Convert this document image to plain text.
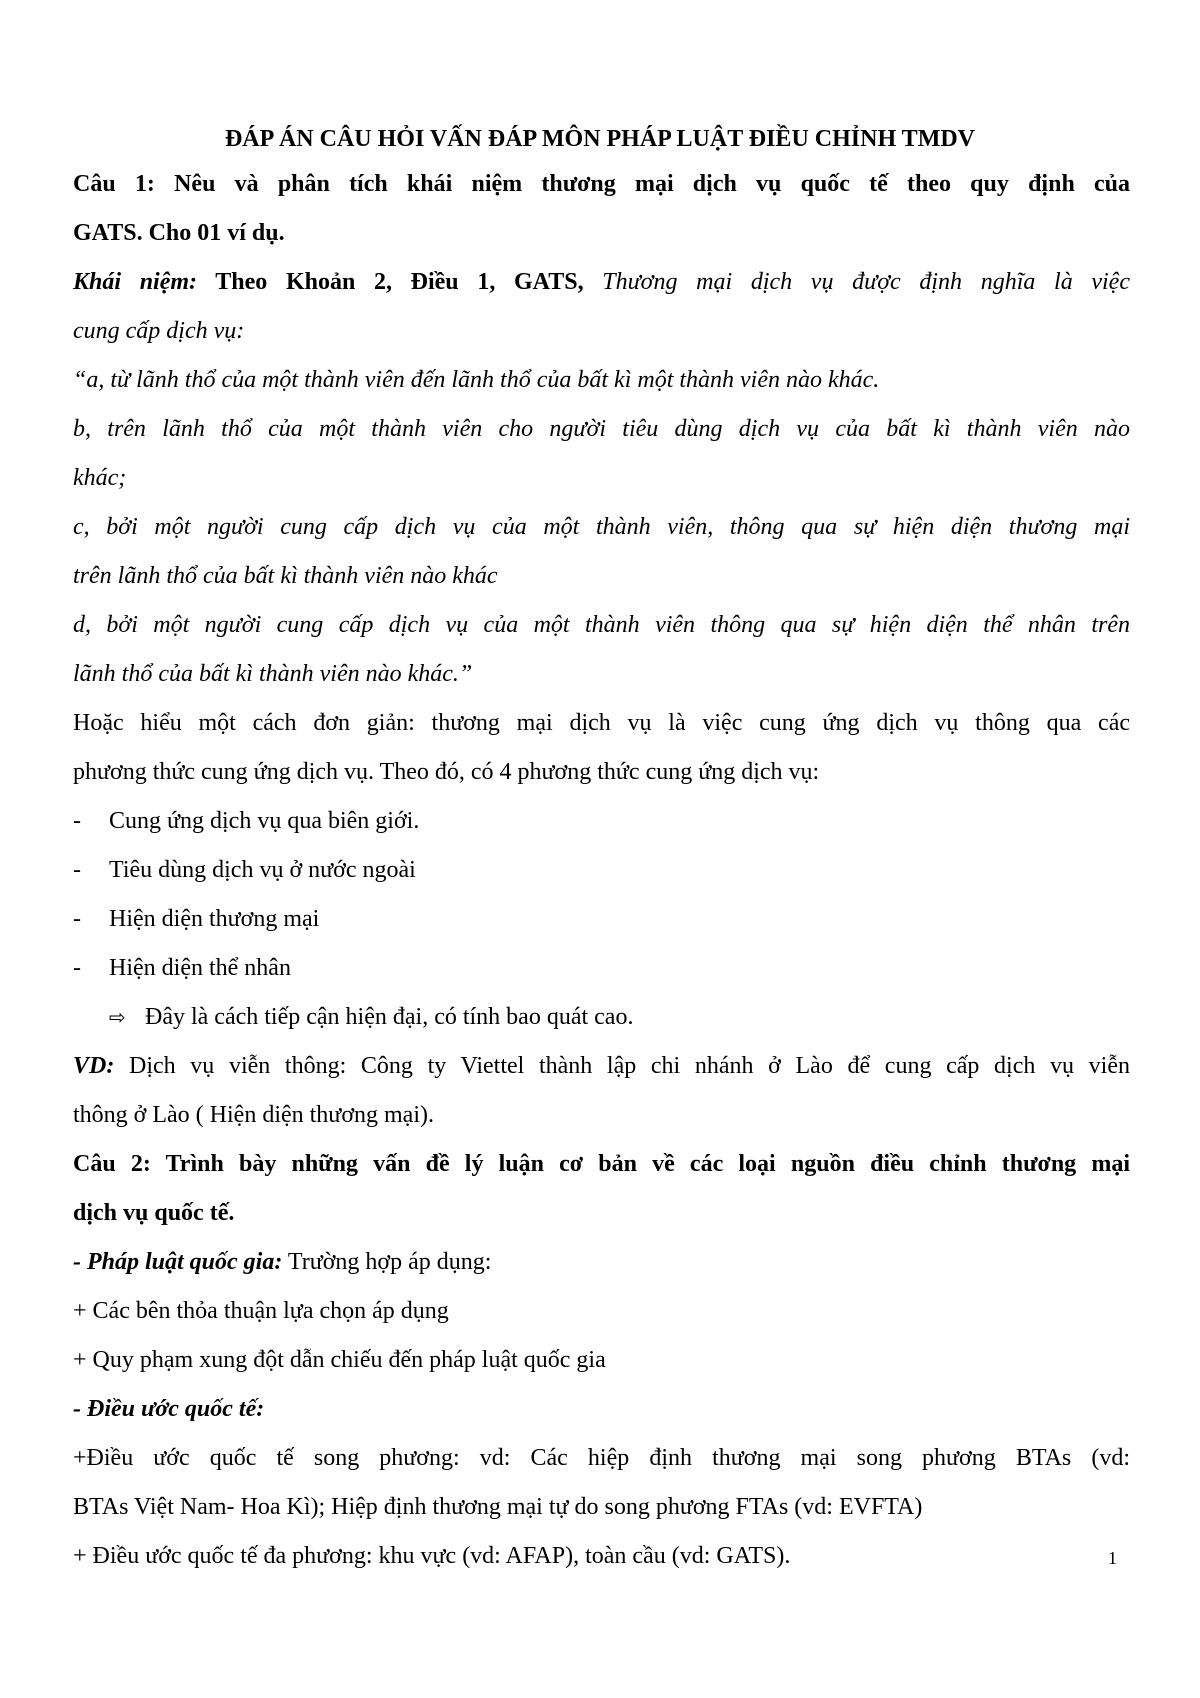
ĐÁP ÁN CÂU HỎI VẤN ĐÁP MÔN PHÁP LUẬT ĐIỀU CHỈNH TMDV
Câu 1: Nêu và phân tích khái niệm thương mại dịch vụ quốc tế theo quy định của
GATS. Cho 01 ví dụ.
Khái niệm: Theo Khoản 2, Điều 1, GATS, Thương mại dịch vụ được định nghĩa là việc
cung cấp dịch vụ:
“a, từ lãnh thổ của một thành viên đến lãnh thổ của bất kì một thành viên nào khác.
b, trên lãnh thổ của một thành viên cho người tiêu dùng dịch vụ của bất kì thành viên nào
khác;
c, bởi một người cung cấp dịch vụ của một thành viên, thông qua sự hiện diện thương mại
trên lãnh thổ của bất kì thành viên nào khác
d, bởi một người cung cấp dịch vụ của một thành viên thông qua sự hiện diện thể nhân trên
lãnh thổ của bất kì thành viên nào khác.”
Hoặc hiểu một cách đơn giản: thương mại dịch vụ là việc cung ứng dịch vụ thông qua các
phương thức cung ứng dịch vụ. Theo đó, có 4 phương thức cung ứng dịch vụ:
- Cung ứng dịch vụ qua biên giới.
- Tiêu dùng dịch vụ ở nước ngoài
- Hiện diện thương mại
- Hiện diện thể nhân
⇨ Đây là cách tiếp cận hiện đại, có tính bao quát cao.
VD: Dịch vụ viễn thông: Công ty Viettel thành lập chi nhánh ở Lào để cung cấp dịch vụ viễn
thông ở Lào ( Hiện diện thương mại).
Câu 2: Trình bày những vấn đề lý luận cơ bản về các loại nguồn điều chỉnh thương mại
dịch vụ quốc tế.
- Pháp luật quốc gia: Trường hợp áp dụng:
+ Các bên thỏa thuận lựa chọn áp dụng
+ Quy phạm xung đột dẫn chiếu đến pháp luật quốc gia
- Điều ước quốc tế:
+Điều ước quốc tế song phương: vd: Các hiệp định thương mại song phương BTAs (vd:
BTAs Việt Nam- Hoa Kì); Hiệp định thương mại tự do song phương FTAs (vd: EVFTA)
+ Điều ước quốc tế đa phương: khu vực (vd: AFAP), toàn cầu (vd: GATS).	1
